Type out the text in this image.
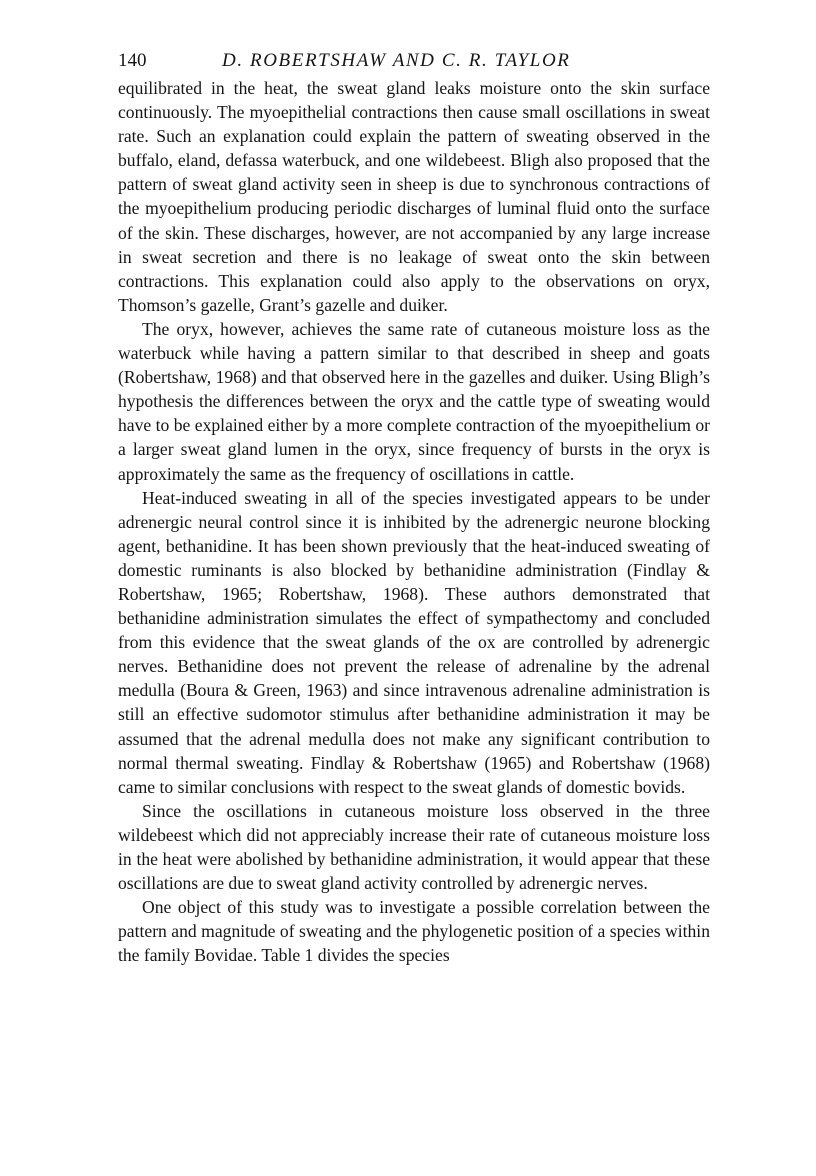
140	D. ROBERTSHAW AND C. R. TAYLOR

equilibrated in the heat, the sweat gland leaks moisture onto the skin surface continuously. The myoepithelial contractions then cause small oscillations in sweat rate. Such an explanation could explain the pattern of sweating observed in the buffalo, eland, defassa waterbuck, and one wildebeest. Bligh also proposed that the pattern of sweat gland activity seen in sheep is due to synchronous contractions of the myoepithelium producing periodic discharges of luminal fluid onto the surface of the skin. These discharges, however, are not accompanied by any large increase in sweat secretion and there is no leakage of sweat onto the skin between contractions. This explanation could also apply to the observations on oryx, Thomson’s gazelle, Grant’s gazelle and duiker.

The oryx, however, achieves the same rate of cutaneous moisture loss as the waterbuck while having a pattern similar to that described in sheep and goats (Robertshaw, 1968) and that observed here in the gazelles and duiker. Using Bligh’s hypothesis the differences between the oryx and the cattle type of sweating would have to be explained either by a more complete contraction of the myoepithelium or a larger sweat gland lumen in the oryx, since frequency of bursts in the oryx is approximately the same as the frequency of oscillations in cattle.

Heat-induced sweating in all of the species investigated appears to be under adrenergic neural control since it is inhibited by the adrenergic neurone blocking agent, bethanidine. It has been shown previously that the heat-induced sweating of domestic ruminants is also blocked by bethanidine administration (Findlay & Robertshaw, 1965; Robertshaw, 1968). These authors demonstrated that bethanidine administration simulates the effect of sympathectomy and concluded from this evidence that the sweat glands of the ox are controlled by adrenergic nerves. Bethanidine does not prevent the release of adrenaline by the adrenal medulla (Boura & Green, 1963) and since intravenous adrenaline administration is still an effective sudomotor stimulus after bethanidine administration it may be assumed that the adrenal medulla does not make any significant contribution to normal thermal sweating. Findlay & Robertshaw (1965) and Robertshaw (1968) came to similar conclusions with respect to the sweat glands of domestic bovids.

Since the oscillations in cutaneous moisture loss observed in the three wildebeest which did not appreciably increase their rate of cutaneous moisture loss in the heat were abolished by bethanidine administration, it would appear that these oscillations are due to sweat gland activity controlled by adrenergic nerves.

One object of this study was to investigate a possible correlation between the pattern and magnitude of sweating and the phylogenetic position of a species within the family Bovidae. Table 1 divides the species
